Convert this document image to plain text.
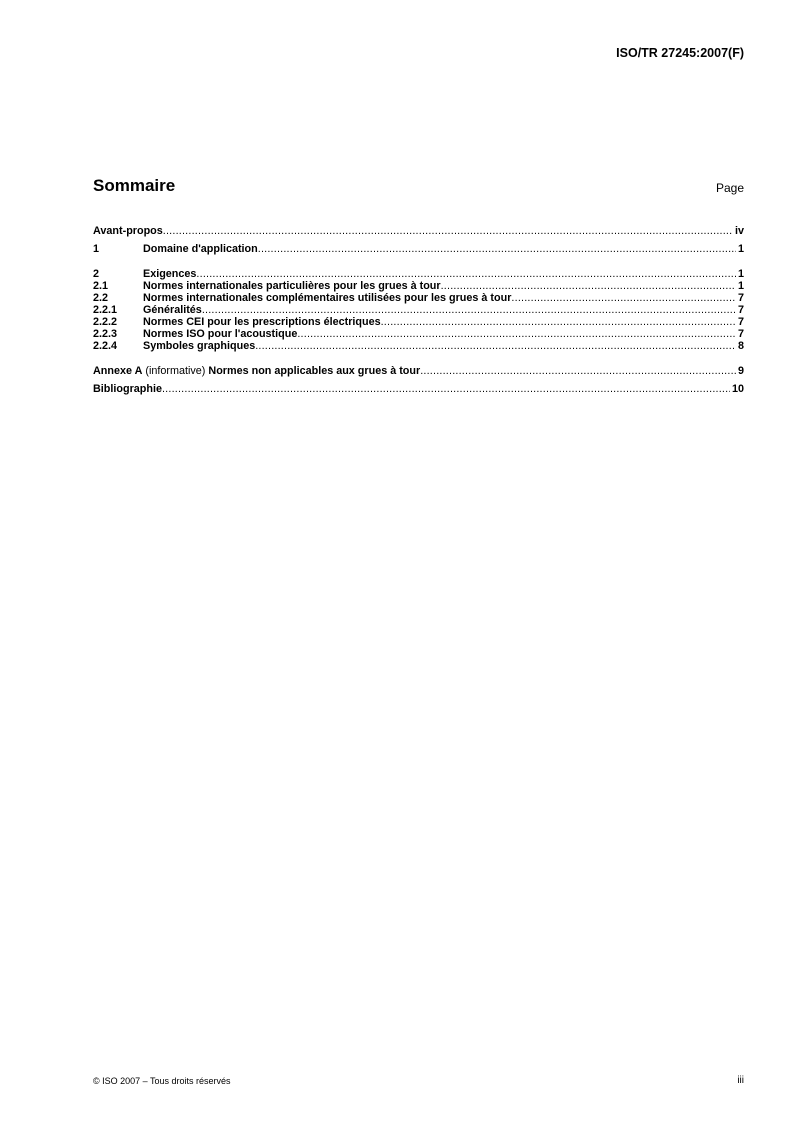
ISO/TR 27245:2007(F)
Sommaire	Page
Avant-propos .....	iv
1	Domaine d'application .....	1
2	Exigences .....	1
2.1	Normes internationales particulières pour les grues à tour .....	1
2.2	Normes internationales complémentaires utilisées pour les grues à tour .....	7
2.2.1	Généralités .....	7
2.2.2	Normes CEI pour les prescriptions électriques .....	7
2.2.3	Normes ISO pour l'acoustique .....	7
2.2.4	Symboles graphiques .....	8
Annexe A (informative) Normes non applicables aux grues à tour .....	9
Bibliographie .....	10
© ISO 2007 – Tous droits réservés	iii
